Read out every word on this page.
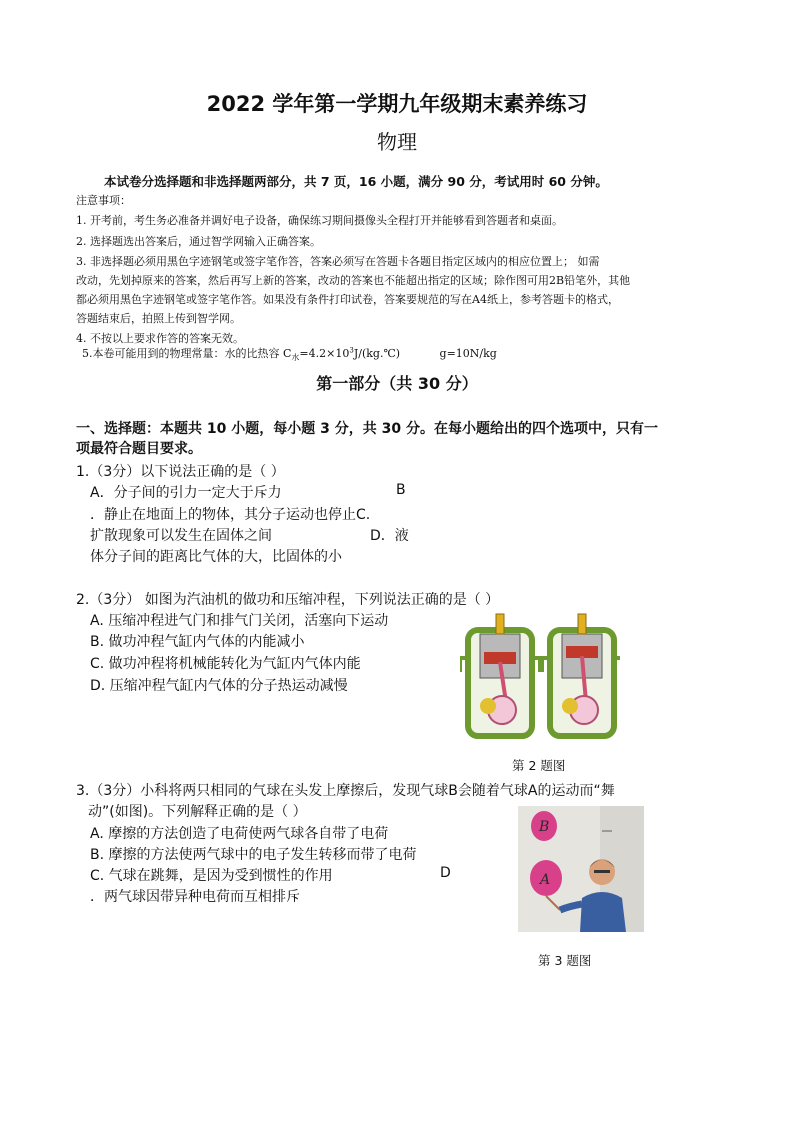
2022 学年第一学期九年级期末素养练习
物理
本试卷分选择题和非选择题两部分，共 7 页，16 小题，满分 90 分，考试用时 60 分钟。
注意事项：
1. 开考前，考生务必准备并调好电子设备，确保练习期间摄像头全程打开并能够看到答题者和桌面。
2. 选择题选出答案后，通过智学网输入正确答案。
3. 非选择题必须用黑色字迹钢笔或签字笔作答，答案必须写在答题卡各题目指定区域内的相应位置上； 如需
改动，先划掉原来的答案，然后再写上新的答案，改动的答案也不能超出指定的区域；除作图可用2B铅笔外，其他
都必须用黑色字迹钢笔或签字笔作答。如果没有条件打印试卷，答案要规范的写在A4纸上，参考答题卡的格式，
答题结束后，拍照上传到智学网。
4. 不按以上要求作答的答案无效。
5.本卷可能用到的物理常量：水的比热容 $C_水=4.2\times 10^3J/(kg.℃)$	g=10N/kg
第一部分（共 30 分）
一、选择题：本题共 10 小题，每小题 3 分，共 30 分。在每小题给出的四个选项中，只有一
项最符合题目要求。
1.（3分）以下说法正确的是（ ）
A．分子间的引力一定大于斥力	B
．静止在地面上的物体，其分子运动也停止C.
扩散现象可以发生在固体之间	D．液
体分子间的距离比气体的大，比固体的小
2.（3分） 如图为汽油机的做功和压缩冲程，下列说法正确的是（ ）
A. 压缩冲程进气门和排气门关闭，活塞向下运动
B. 做功冲程气缸内气体的内能减小
C. 做功冲程将机械能转化为气缸内气体内能
D. 压缩冲程气缸内气体的分子热运动减慢
第 2 题图
3.（3分）小科将两只相同的气球在头发上摩擦后，发现气球B会随着气球A的运动而“舞
动”(如图)。下列解释正确的是（ ）
A. 摩擦的方法创造了电荷使两气球各自带了电荷
B. 摩擦的方法使两气球中的电子发生转移而带了电荷
C. 气球在跳舞，是因为受到惯性的作用	D
．两气球因带异种电荷而互相排斥
B
A
第 3 题图
